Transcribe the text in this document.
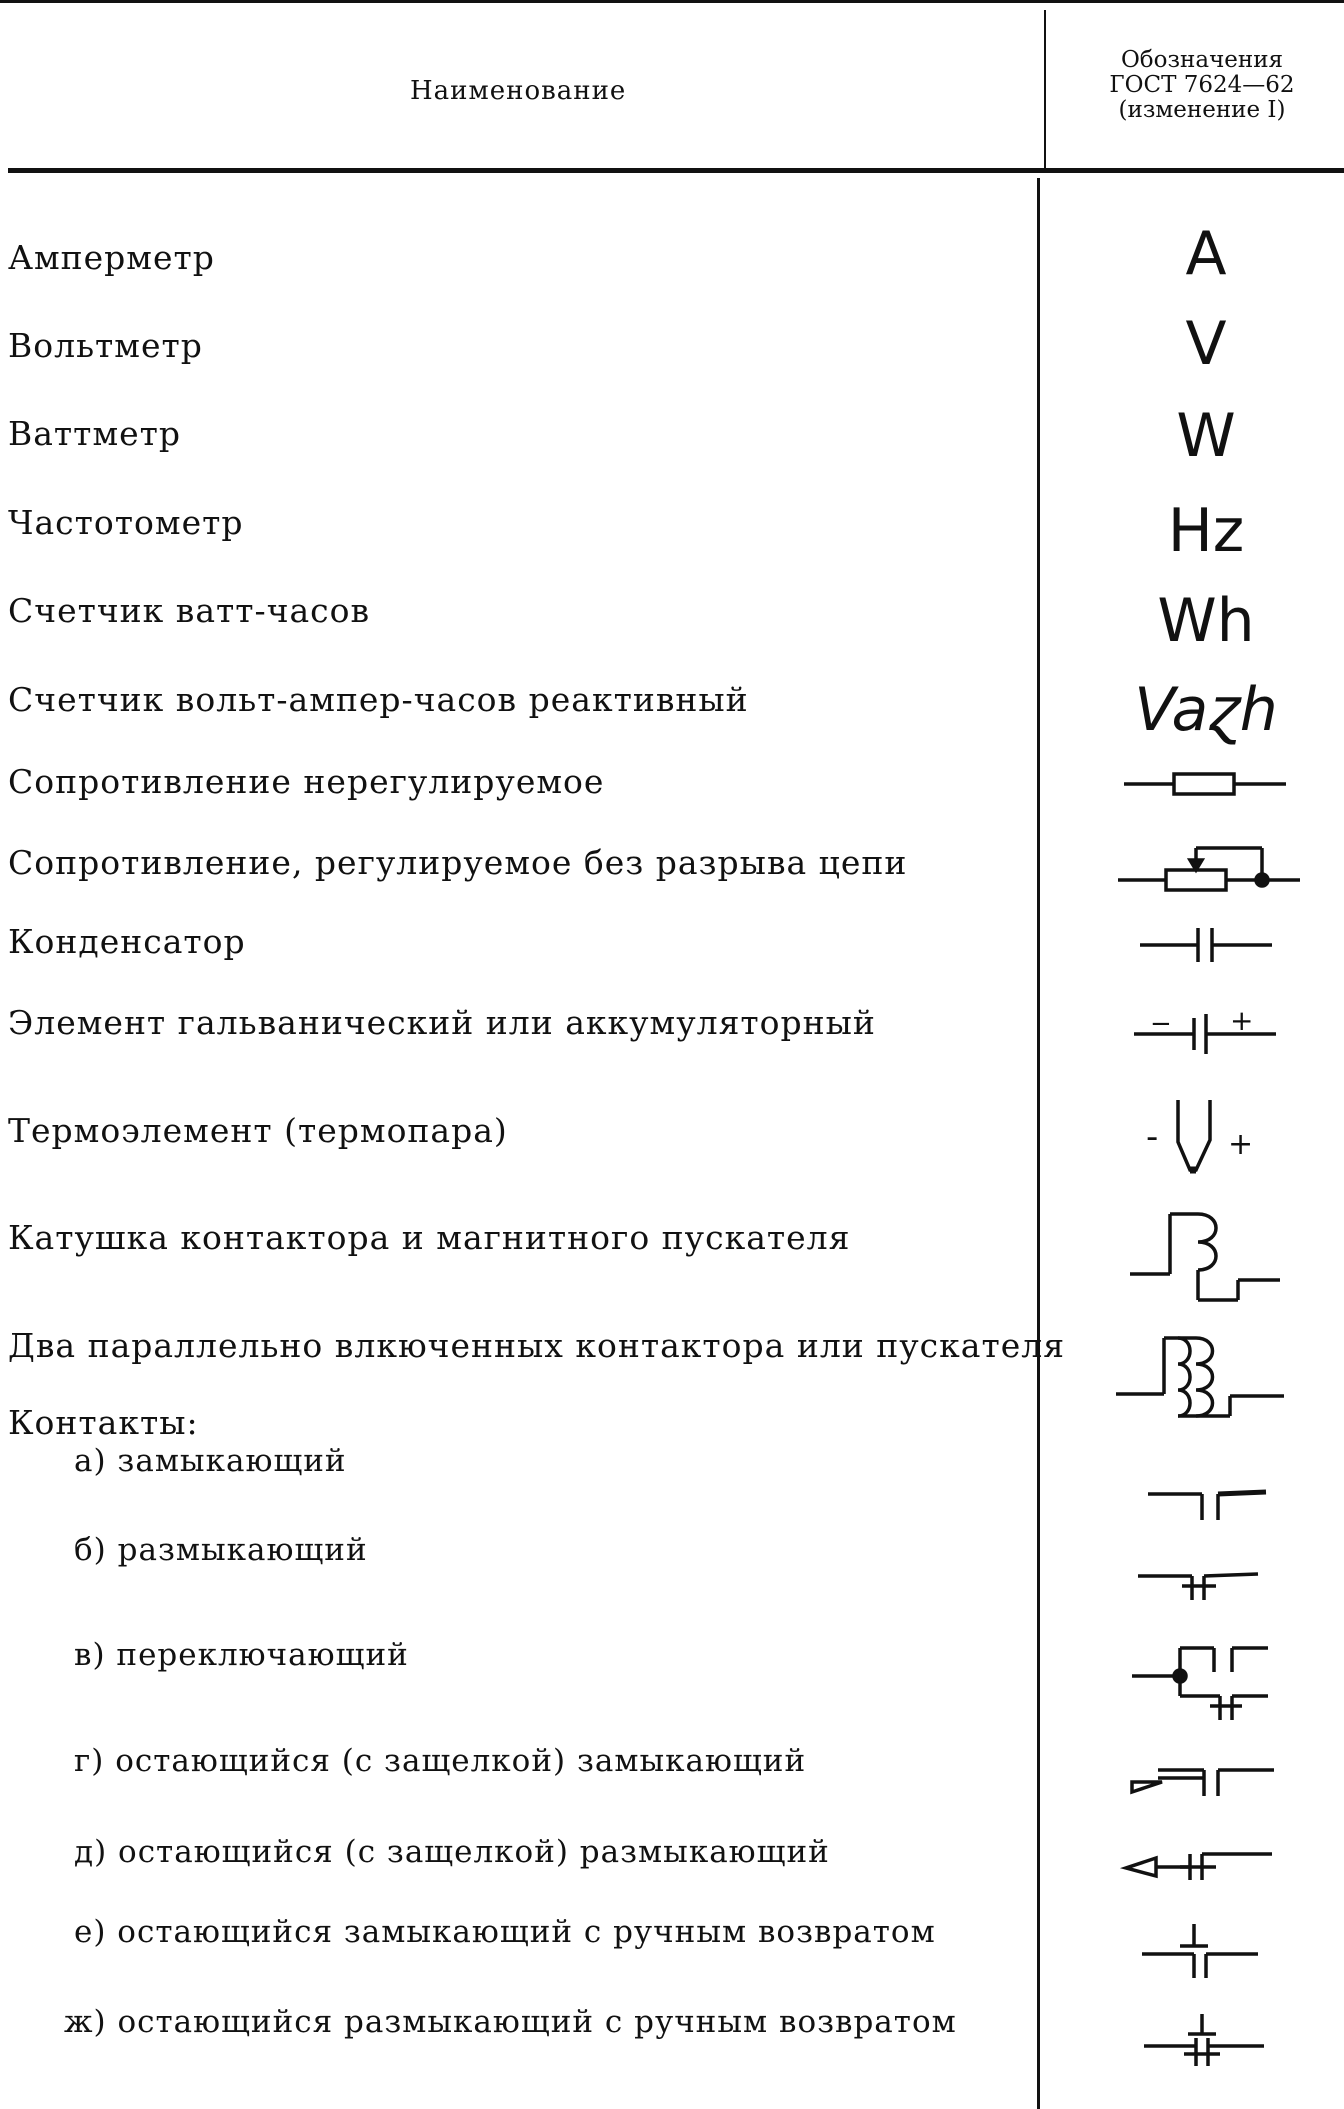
Наименование
Обозначения
ГОСТ 7624—62
(изменение I)
Амперметр
Вольтметр
Ваттметр
Частотометр
Счетчик ватт-часов
Счетчик вольт-ампер-часов реактивный
Сопротивление нерегулируемое
Сопротивление, регулируемое без разрыва цепи
Конденсатор
Элемент гальванический или аккумуляторный
Термоэлемент (термопара)
Катушка контактора и магнитного пускателя
Два параллельно влкюченных контактора или пускателя
Контакты:
а) замыкающий
б) размыкающий
в) переключающий
г) остающийся (с защелкой) замыкающий
д) остающийся (с защелкой) размыкающий
е) остающийся замыкающий с ручным возвратом
ж) остающийся размыкающий с ручным возвратом
A
V
W
Hz
Wh
Vaɀh
− +
- +
